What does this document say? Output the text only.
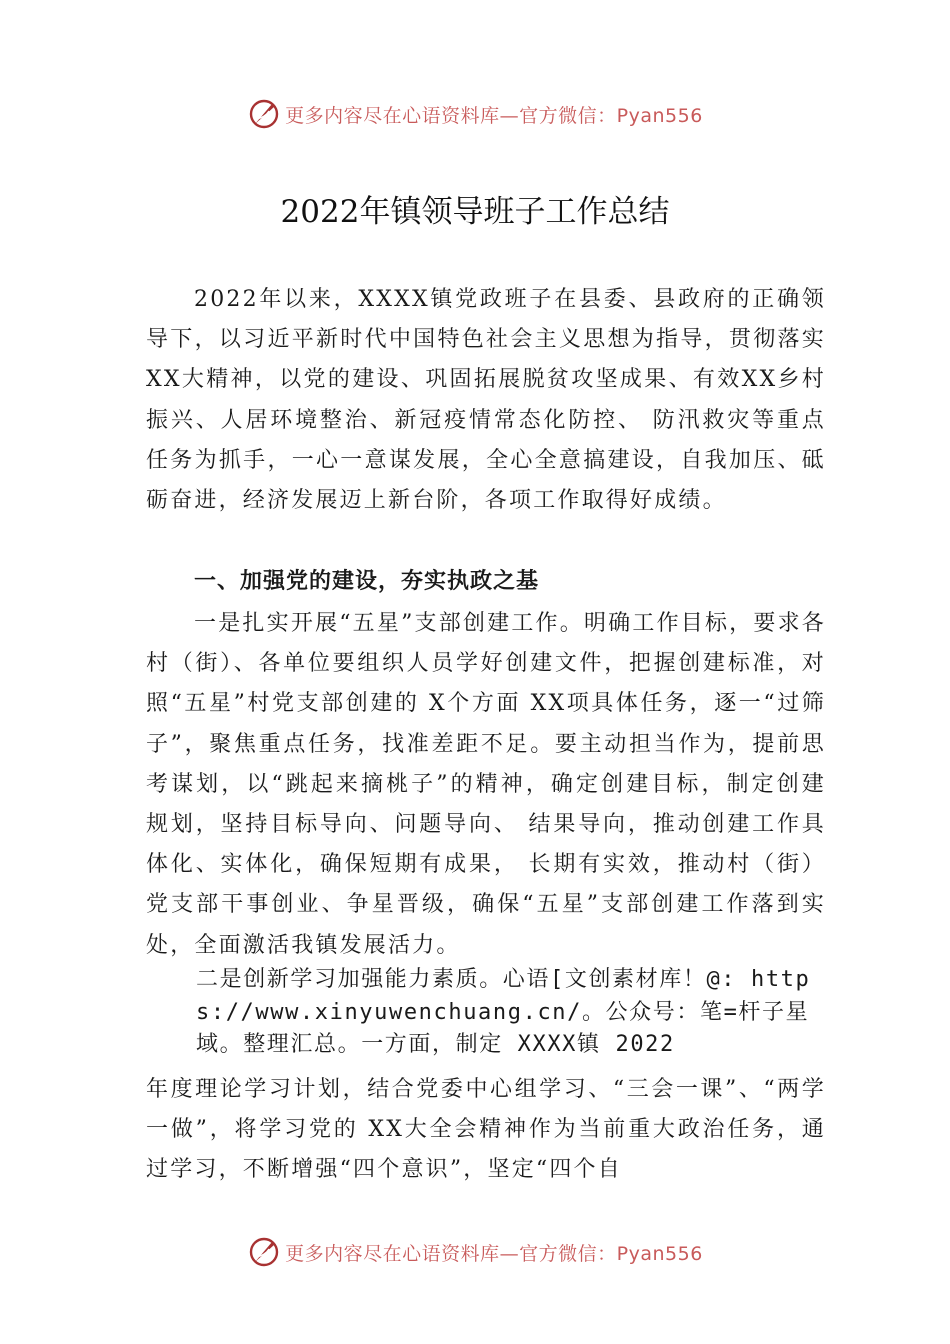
更多内容尽在心语资料库—官方微信：Pyan556
2022年镇领导班子工作总结
2022年以来，XXXX镇党政班子在县委、县政府的正确领导下，以习近平新时代中国特色社会主义思想为指导，贯彻落实 XX大精神，以党的建设、巩固拓展脱贫攻坚成果、有效XX乡村振兴、人居环境整治、新冠疫情常态化防控、 防汛救灾等重点任务为抓手，一心一意谋发展，全心全意搞建设，自我加压、砥砺奋进，经济发展迈上新台阶，各项工作取得好成绩。
一、加强党的建设，夯实执政之基
一是扎实开展“五星”支部创建工作。明确工作目标，要求各村（街）、各单位要组织人员学好创建文件，把握创建标准，对照“五星”村党支部创建的 X个方面 XX项具体任务，逐一“过筛子”，聚焦重点任务，找准差距不足。要主动担当作为，提前思考谋划，以“跳起来摘桃子”的精神，确定创建目标，制定创建规划，坚持目标导向、问题导向、 结果导向，推动创建工作具体化、实体化，确保短期有成果， 长期有实效，推动村（街）党支部干事创业、争星晋级，确保“五星”支部创建工作落到实处，全面激活我镇发展活力。
二是创新学习加强能力素质。心语[文创素材库！@: https://www.xinyuwenchuang.cn/。公众号：笔=杆子星域。整理汇总。一方面，制定 XXXX镇 2022
年度理论学习计划，结合党委中心组学习、“三会一课”、“两学一做”，将学习党的 XX大全会精神作为当前重大政治任务，通过学习，不断增强“四个意识”，坚定“四个自
更多内容尽在心语资料库—官方微信：Pyan556
